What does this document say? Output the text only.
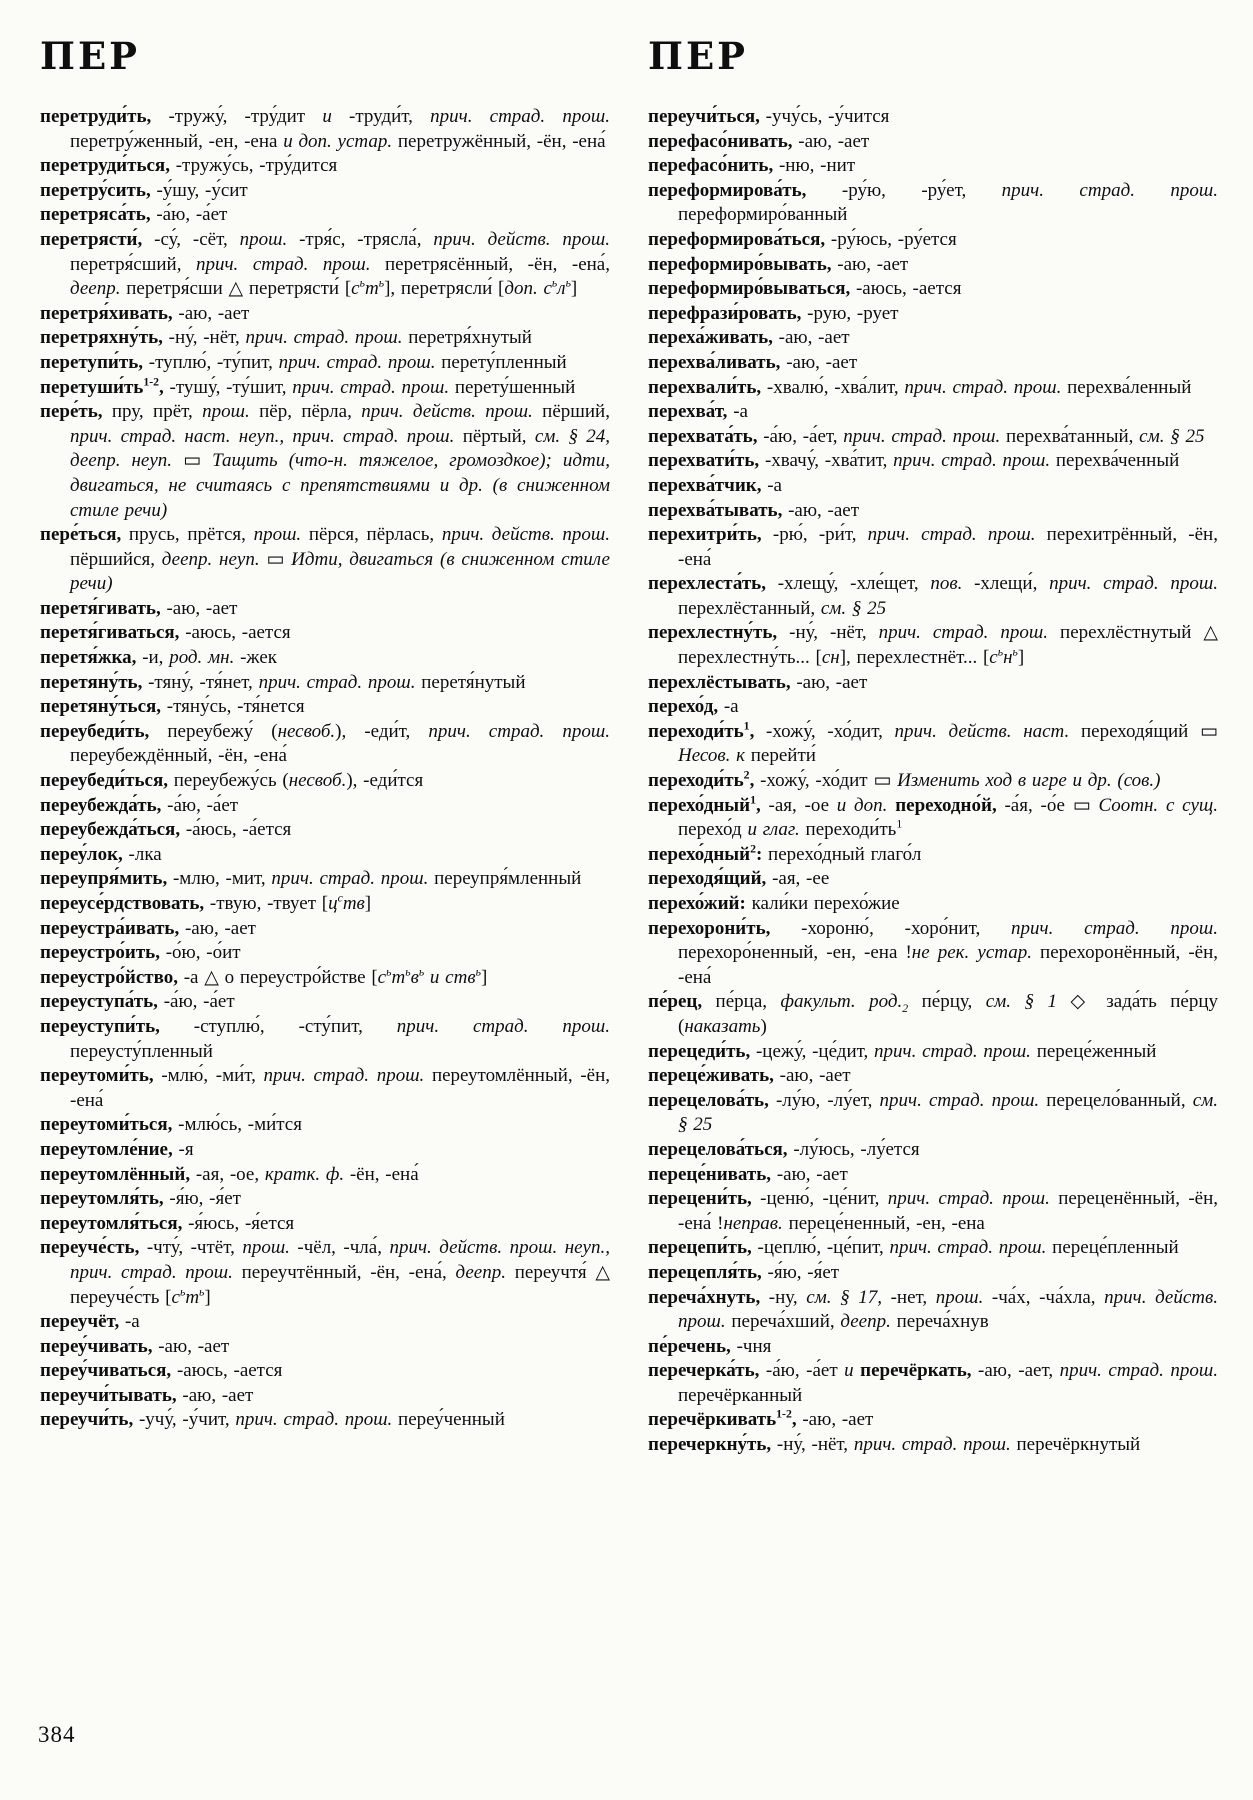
ПЕР

перетруди́ть, -тружу́, -тру́дит и -труди́т, прич. страд. прош. перетру́женный, -ен, -ена и доп. устар. перетружённый, -ён, -ена́

перетруди́ться, -тружу́сь, -тру́дится

перетру́сить, -у́шу, -у́сит

перетряса́ть, -а́ю, -а́ет

перетрясти́, -су́, -сёт, прош. -тря́с, -трясла́, прич. действ. прош. перетря́сший, прич. страд. прош. перетрясённый, -ён, -ена́, деепр. перетря́сши △ перетрясти́ $[с^ьт^ь]$, перетрясли́ [доп. $с^ьл^ь$]

перетря́хивать, -аю, -ает

перетряхну́ть, -ну́, -нёт, прич. страд. прош. перетря́хнутый

перетупи́ть, -туплю́, -ту́пит, прич. страд. прош. перету́пленный

$перетуши́ть^{1-2}$, -тушу́, -ту́шит, прич. страд. прош. перету́шенный

пере́ть, пру, прёт, прош. пёр, пёрла, прич. действ. прош. пёрший, прич. страд. наст. неуп., прич. страд. прош. пёртый, см. § 24, деепр. неуп. ▭ Тащить (что-н. тяжелое, громоздкое); идти, двигаться, не считаясь с препятствиями и др. (в сниженном стиле речи)

пере́ться, прусь, прётся, прош. пёрся, пёрлась, прич. действ. прош. пёршийся, деепр. неуп. ▭ Идти, двигаться (в сниженном стиле речи)

перетя́гивать, -аю, -ает

перетя́гиваться, -аюсь, -ается

перетя́жка, -и, род. мн. -жек

перетяну́ть, -тяну́, -тя́нет, прич. страд. прош. перетя́нутый

перетяну́ться, -тяну́сь, -тя́нется

переубеди́ть, переубежу́ (несвоб.), -еди́т, прич. страд. прош. переубеждённый, -ён, -ена́

переубеди́ться, переубежу́сь (несвоб.), -еди́тся

переубежда́ть, -а́ю, -а́ет

переубежда́ться, -а́юсь, -а́ется

переу́лок, -лка

переупря́мить, -млю, -мит, прич. страд. прош. переупря́мленный

переусе́рдствовать, -твую, -твует $[ц^ств]$

переустра́ивать, -аю, -ает

переустро́ить, -о́ю, -о́ит

переустро́йство, -а △ о переустро́йстве [$с^ьт^ьв^ь$ и ств$^ь$]

переуступа́ть, -а́ю, -а́ет

переуступи́ть, -ступлю́, -сту́пит, прич. страд. прош. переусту́пленный

переутоми́ть, -млю́, -ми́т, прич. страд. прош. переутомлённый, -ён, -ена́

переутоми́ться, -млю́сь, -ми́тся

переутомле́ние, -я

переутомлённый, -ая, -ое, кратк. ф. -ён, -ена́

переутомля́ть, -я́ю, -я́ет

переутомля́ться, -я́юсь, -я́ется

переуче́сть, -чту́, -чтёт, прош. -чёл, -чла́, прич. действ. прош. неуп., прич. страд. прош. переучтённый, -ён, -ена́, деепр. переучтя́ △ переуче́сть $[с^ьт^ь]$

переучёт, -а

переу́чивать, -аю, -ает

переу́чиваться, -аюсь, -ается

переучи́тывать, -аю, -ает

переучи́ть, -учу́, -у́чит, прич. страд. прош. переу́ченный

ПЕР

переучи́ться, -учу́сь, -у́чится

перефасо́нивать, -аю, -ает

перефасо́нить, -ню, -нит

переформирова́ть, -ру́ю, -ру́ет, прич. страд. прош. переформиро́ванный

переформирова́ться, -ру́юсь, -ру́ется

переформиро́вывать, -аю, -ает

переформиро́вываться, -аюсь, -ается

перефрази́ровать, -рую, -рует

переха́живать, -аю, -ает

перехва́ливать, -аю, -ает

перехвали́ть, -хвалю́, -хва́лит, прич. страд. прош. перехва́ленный

перехва́т, -а

перехвата́ть, -а́ю, -а́ет, прич. страд. прош. перехва́танный, см. § 25

перехвати́ть, -хвачу́, -хва́тит, прич. страд. прош. перехва́ченный

перехва́тчик, -а

перехва́тывать, -аю, -ает

перехитри́ть, -рю́, -ри́т, прич. страд. прош. перехитрённый, -ён, -ена́

перехлеста́ть, -хлещу́, -хле́щет, пов. -хлещи́, прич. страд. прош. перехлёстанный, см. § 25

перехлестну́ть, -ну́, -нёт, прич. страд. прош. перехлёстнутый △ перехлестну́ть... [сн], перехлестнёт... $[с^ьн^ь]$

перехлёстывать, -аю, -ает

перехо́д, -а

$переходи́ть^1$, -хожу́, -хо́дит, прич. действ. наст. переходя́щий ▭ Несов. к перейти́

$переходи́ть^2$, -хожу́, -хо́дит ▭ Изменить ход в игре и др. (сов.)

перехо́дный$^1$, -ая, -ое и доп. переходно́й, -а́я, -о́е ▭ Соотн. с сущ. перехо́д и глаг. $переходи́ть^1$

перехо́дный$^2$: перехо́дный глаго́л

переходя́щий, -ая, -ее

перехо́жий: кали́ки перехо́жие

перехорони́ть, -хороню́, -хоро́нит, прич. страд. прош. перехоро́ненный, -ен, -ена !не рек. устар. перехоронённый, -ён, -ена́

пе́рец, пе́рца, факульт. $род._2$ пе́рцу, см. § 1 ◇ зада́ть пе́рцу (наказать)

перецеди́ть, -цежу́, -це́дит, прич. страд. прош. переце́женный

переце́живать, -аю, -ает

перецелова́ть, -лу́ю, -лу́ет, прич. страд. прош. перецело́ванный, см. § 25

перецелова́ться, -лу́юсь, -лу́ется

переце́нивать, -аю, -ает

перецени́ть, -ценю́, -це́нит, прич. страд. прош. переценённый, -ён, -ена́ !неправ. переце́ненный, -ен, -ена

перецепи́ть, -цеплю́, -це́пит, прич. страд. прош. переце́пленный

перецепля́ть, -я́ю, -я́ет

переча́хнуть, -ну, см. § 17, -нет, прош. -ча́х, -ча́хла, прич. действ. прош. переча́хший, деепр. переча́хнув

пе́речень, -чня

перечерка́ть, -а́ю, -а́ет и перечёркать, -аю, -ает, прич. страд. прош. перечёрканный

перечёркивать$^{1-2}$, -аю, -ает

перечеркну́ть, -ну́, -нёт, прич. страд. прош. перечёркнутый

384
